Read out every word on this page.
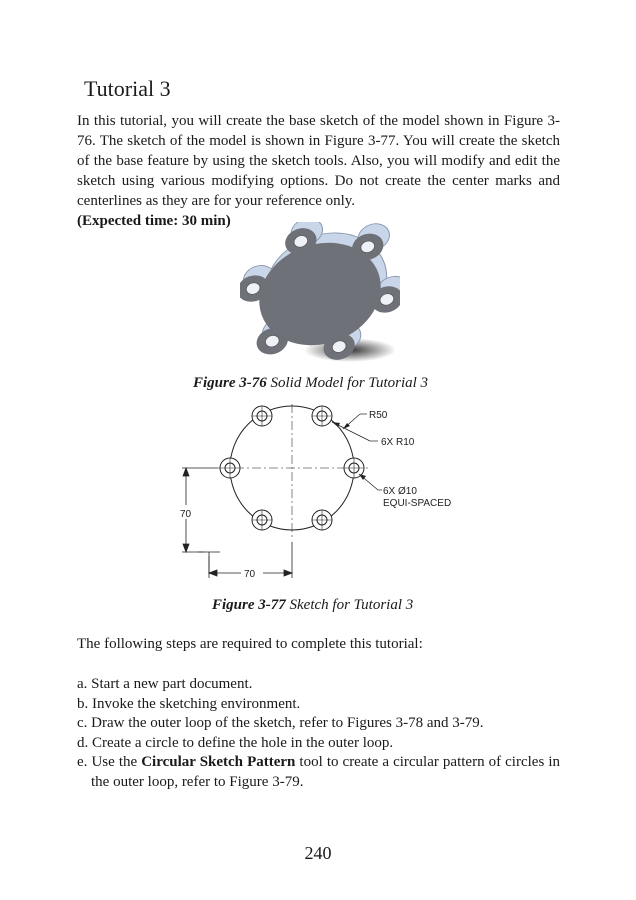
Tutorial 3

In this tutorial, you will create the base sketch of the model shown in Figure 3-76. The sketch of the model is shown in Figure 3-77. You will create the sketch of the base feature by using the sketch tools. Also, you will modify and edit the sketch using various modifying options. Do not create the center marks and centerlines as they are for your reference only.
(Expected time: 30 min)

Figure 3-76 Solid Model for Tutorial 3
70
70
R50
6X R10
6X Ø10
EQUI-SPACED
Figure 3-77 Sketch for Tutorial 3

The following steps are required to complete this tutorial:

a. Start a new part document.
b. Invoke the sketching environment.
c. Draw the outer loop of the sketch, refer to Figures 3-78 and 3-79.
d. Create a circle to define the hole in the outer loop.
e. Use the Circular Sketch Pattern tool to create a circular pattern of circles in the outer loop, refer to Figure 3-79.
240
